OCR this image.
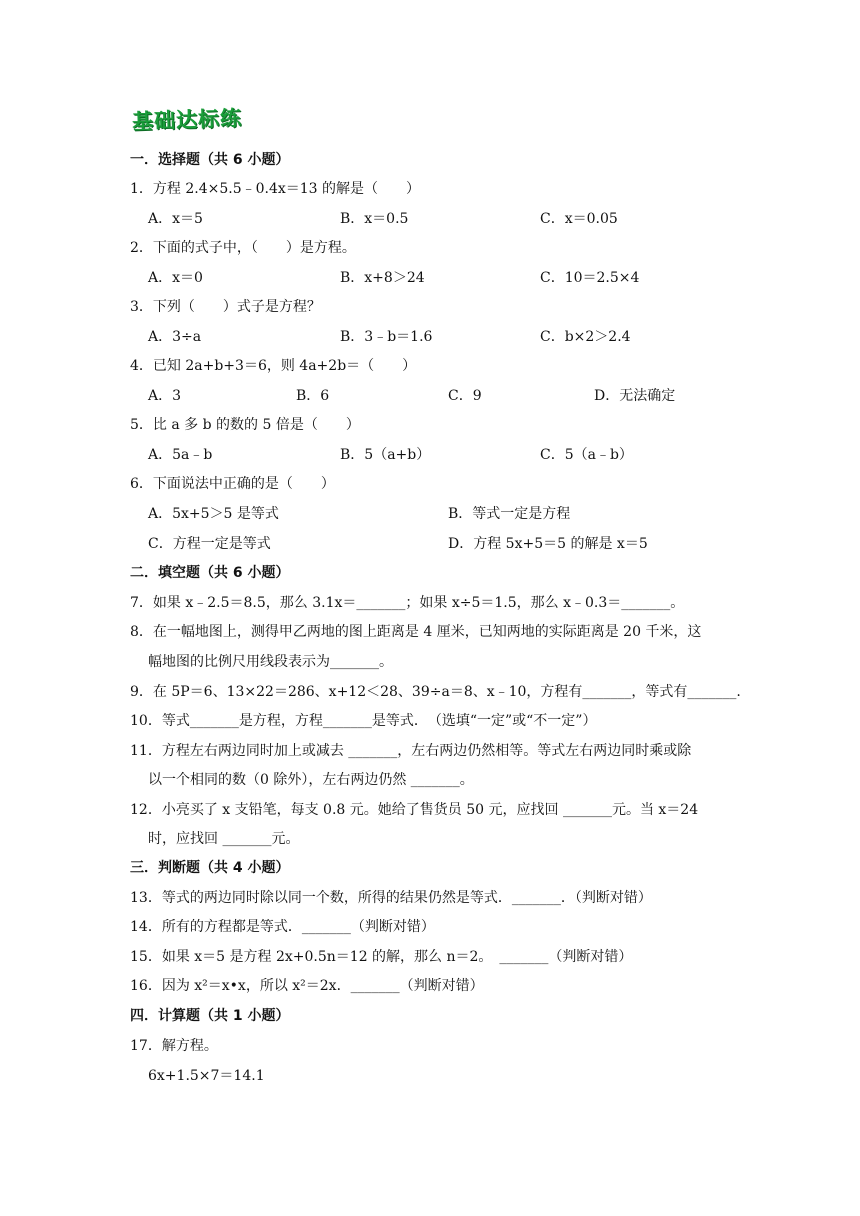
基础达标练
一．选择题（共 6 小题）
1．方程 2.4×5.5﹣0.4x＝13 的解是（　　）
A．x＝5	B．x＝0.5	C．x＝0.05
2．下面的式子中，（　　）是方程。
A．x＝0	B．x+8＞24	C．10＝2.5×4
3．下列（　　）式子是方程？
A．3÷a	B．3﹣b＝1.6	C．b×2＞2.4
4．已知 2a+b+3＝6，则 4a+2b＝（　　）
A．3	B．6	C．9	D．无法确定
5．比 a 多 b 的数的 5 倍是（　　）
A．5a﹣b	B．5（a+b）	C．5（a﹣b）
6．下面说法中正确的是（　　）
A．5x+5＞5 是等式	B．等式一定是方程
C．方程一定是等式	D．方程 5x+5＝5 的解是 x＝5
二．填空题（共 6 小题）
7．如果 x﹣2.5＝8.5，那么 3.1x＝_______；如果 x÷5＝1.5，那么 x﹣0.3＝_______。
8．在一幅地图上，测得甲乙两地的图上距离是 4 厘米，已知两地的实际距离是 20 千米，这
幅地图的比例尺用线段表示为_______。
9．在 5P＝6、13×22＝286、x+12＜28、39÷a＝8、x﹣10，方程有_______，等式有_______.
10．等式_______是方程，方程_______是等式．　（选填“一定”或“不一定”）
11．方程左右两边同时加上或减去 _______，左右两边仍然相等。等式左右两边同时乘或除
以一个相同的数（0 除外），左右两边仍然 _______。
12．小亮买了 x 支铅笔，每支 0.8 元。她给了售货员 50 元，应找回 _______元。当 x＝24
时，应找回 _______元。
三．判断题（共 4 小题）
13．等式的两边同时除以同一个数，所得的结果仍然是等式．_______．（判断对错）
14．所有的方程都是等式．_______（判断对错）
15．如果 x＝5 是方程 2x+0.5n＝12 的解，那么 n＝2。　_______（判断对错）
16．因为 x²＝x•x，所以 x²＝2x．_______（判断对错）
四．计算题（共 1 小题）
17．解方程。
6x+1.5×7＝14.1
